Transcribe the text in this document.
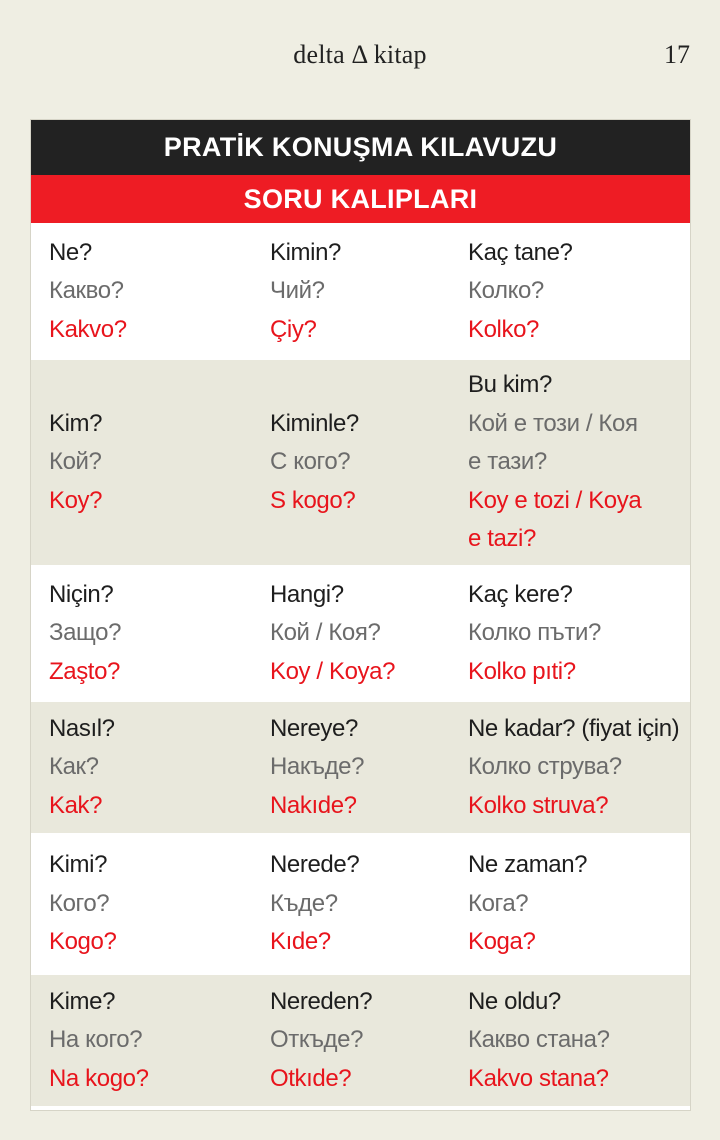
delta Δ kitap	17
PRATİK KONUŞMA KILAVUZU
SORU KALIPLARI
Ne?
Какво?
Kakvo?
Kimin?
Чий?
Çiy?
Kaç tane?
Колко?
Kolko?
Kim?
Кой?
Koy?
Kiminle?
С кого?
S kogo?
Bu kim?
Кой е този / Коя
е тази?
Koy e tozi / Koya
e tazi?
Niçin?
Защо?
Zaşto?
Hangi?
Кой / Коя?
Koy / Koya?
Kaç kere?
Колко пъти?
Kolko pıti?
Nasıl?
Как?
Kak?
Nereye?
Накъде?
Nakıde?
Ne kadar? (fiyat için)
Колко струва?
Kolko struva?
Kimi?
Кого?
Kogo?
Nerede?
Къде?
Kıde?
Ne zaman?
Кога?
Koga?
Kime?
На кого?
Na kogo?
Nereden?
Откъде?
Otkıde?
Ne oldu?
Какво стана?
Kakvo stana?
